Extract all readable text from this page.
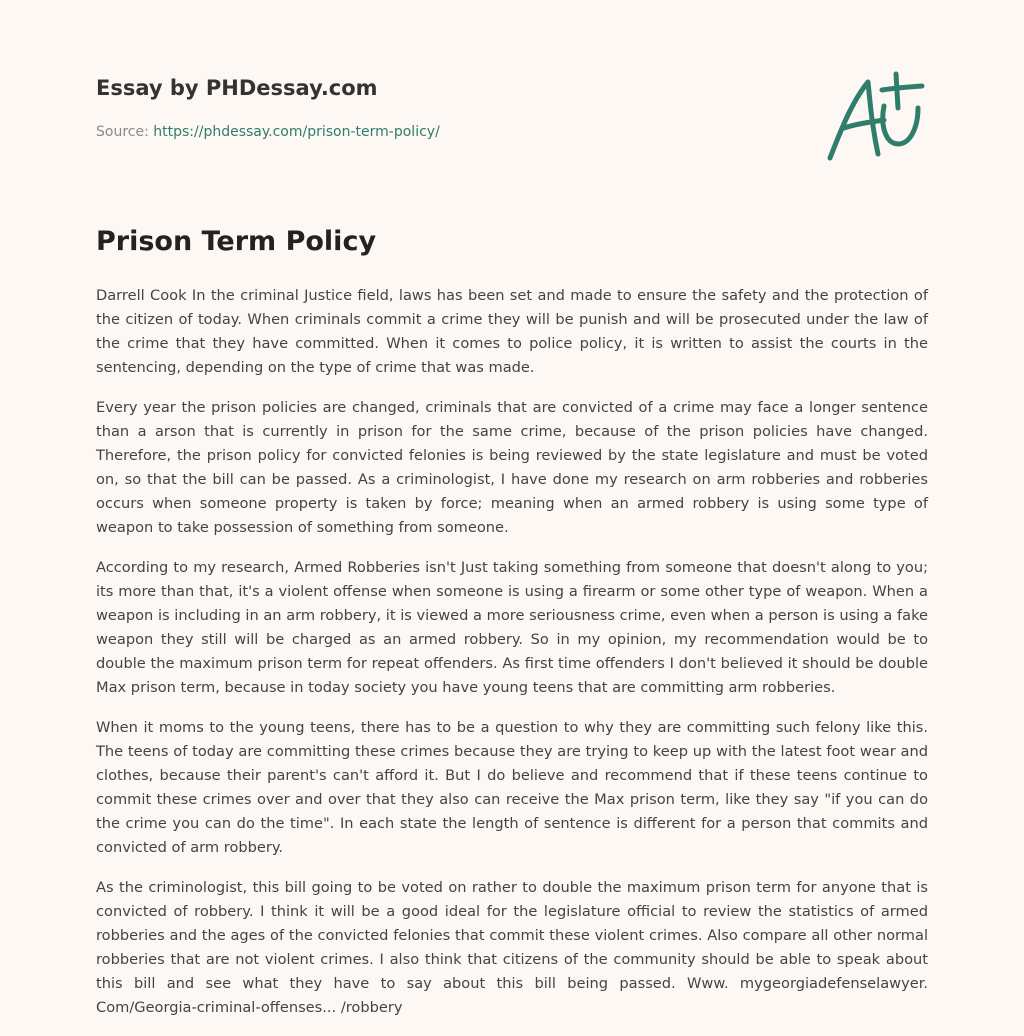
Essay by PHDessay.com
Source: https://phdessay.com/prison-term-policy/
Prison Term Policy

Darrell Cook In the criminal Justice field, laws has been set and made to ensure the safety and the protection of the citizen of today. When criminals commit a crime they will be punish and will be prosecuted under the law of the crime that they have committed. When it comes to police policy, it is written to assist the courts in the sentencing, depending on the type of crime that was made.

Every year the prison policies are changed, criminals that are convicted of a crime may face a longer sentence than a arson that is currently in prison for the same crime, because of the prison policies have changed. Therefore, the prison policy for convicted felonies is being reviewed by the state legislature and must be voted on, so that the bill can be passed. As a criminologist, I have done my research on arm robberies and robberies occurs when someone property is taken by force; meaning when an armed robbery is using some type of weapon to take possession of something from someone.

According to my research, Armed Robberies isn't Just taking something from someone that doesn't along to you; its more than that, it's a violent offense when someone is using a firearm or some other type of weapon. When a weapon is including in an arm robbery, it is viewed a more seriousness crime, even when a person is using a fake weapon they still will be charged as an armed robbery. So in my opinion, my recommendation would be to double the maximum prison term for repeat offenders. As first time offenders I don't believed it should be double Max prison term, because in today society you have young teens that are committing arm robberies.

When it moms to the young teens, there has to be a question to why they are committing such felony like this. The teens of today are committing these crimes because they are trying to keep up with the latest foot wear and clothes, because their parent's can't afford it. But I do believe and recommend that if these teens continue to commit these crimes over and over that they also can receive the Max prison term, like they say "if you can do the crime you can do the time". In each state the length of sentence is different for a person that commits and convicted of arm robbery.

As the criminologist, this bill going to be voted on rather to double the maximum prison term for anyone that is convicted of robbery. I think it will be a good ideal for the legislature official to review the statistics of armed robberies and the ages of the convicted felonies that commit these violent crimes. Also compare all other normal robberies that are not violent crimes. I also think that citizens of the community should be able to speak about this bill and see what they have to say about this bill being passed. Www. mygeorgiadefenselawyer. Com/Georgia-criminal-offenses... /robbery
